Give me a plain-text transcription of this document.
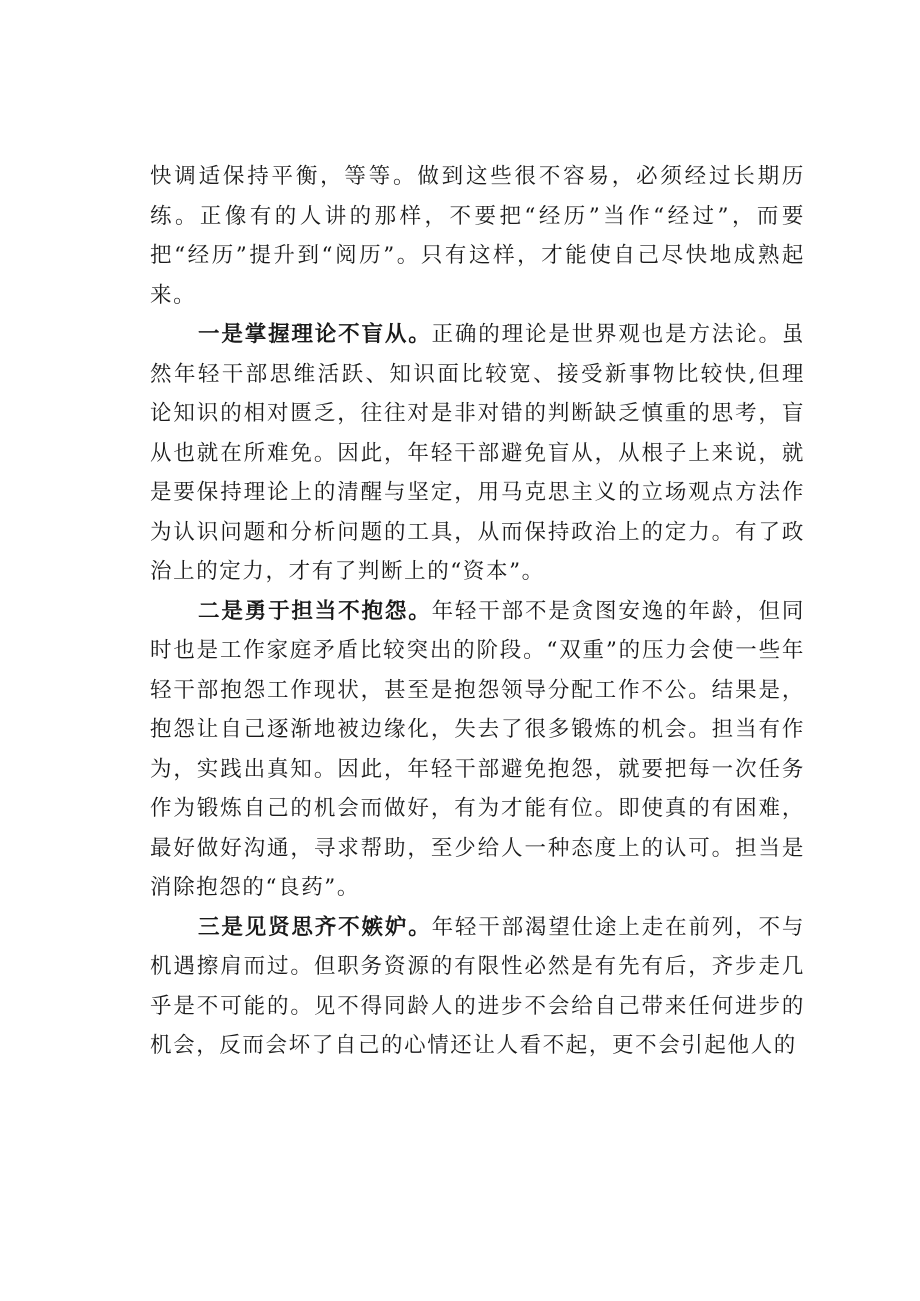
快调适保持平衡，等等。做到这些很不容易，必须经过长期历练。正像有的人讲的那样，不要把“经历”当作“经过”，而要把“经历”提升到“阅历”。只有这样，才能使自己尽快地成熟起来。

一是掌握理论不盲从。正确的理论是世界观也是方法论。虽然年轻干部思维活跃、知识面比较宽、接受新事物比较快,但理论知识的相对匮乏，往往对是非对错的判断缺乏慎重的思考，盲从也就在所难免。因此，年轻干部避免盲从，从根子上来说，就是要保持理论上的清醒与坚定，用马克思主义的立场观点方法作为认识问题和分析问题的工具，从而保持政治上的定力。有了政治上的定力，才有了判断上的“资本”。

二是勇于担当不抱怨。年轻干部不是贪图安逸的年龄，但同时也是工作家庭矛盾比较突出的阶段。“双重”的压力会使一些年轻干部抱怨工作现状，甚至是抱怨领导分配工作不公。结果是，抱怨让自己逐渐地被边缘化，失去了很多锻炼的机会。担当有作为，实践出真知。因此，年轻干部避免抱怨，就要把每一次任务作为锻炼自己的机会而做好，有为才能有位。即使真的有困难，最好做好沟通，寻求帮助，至少给人一种态度上的认可。担当是消除抱怨的“良药”。

三是见贤思齐不嫉妒。年轻干部渴望仕途上走在前列，不与机遇擦肩而过。但职务资源的有限性必然是有先有后，齐步走几乎是不可能的。见不得同龄人的进步不会给自己带来任何进步的机会，反而会坏了自己的心情还让人看不起，更不会引起他人的
